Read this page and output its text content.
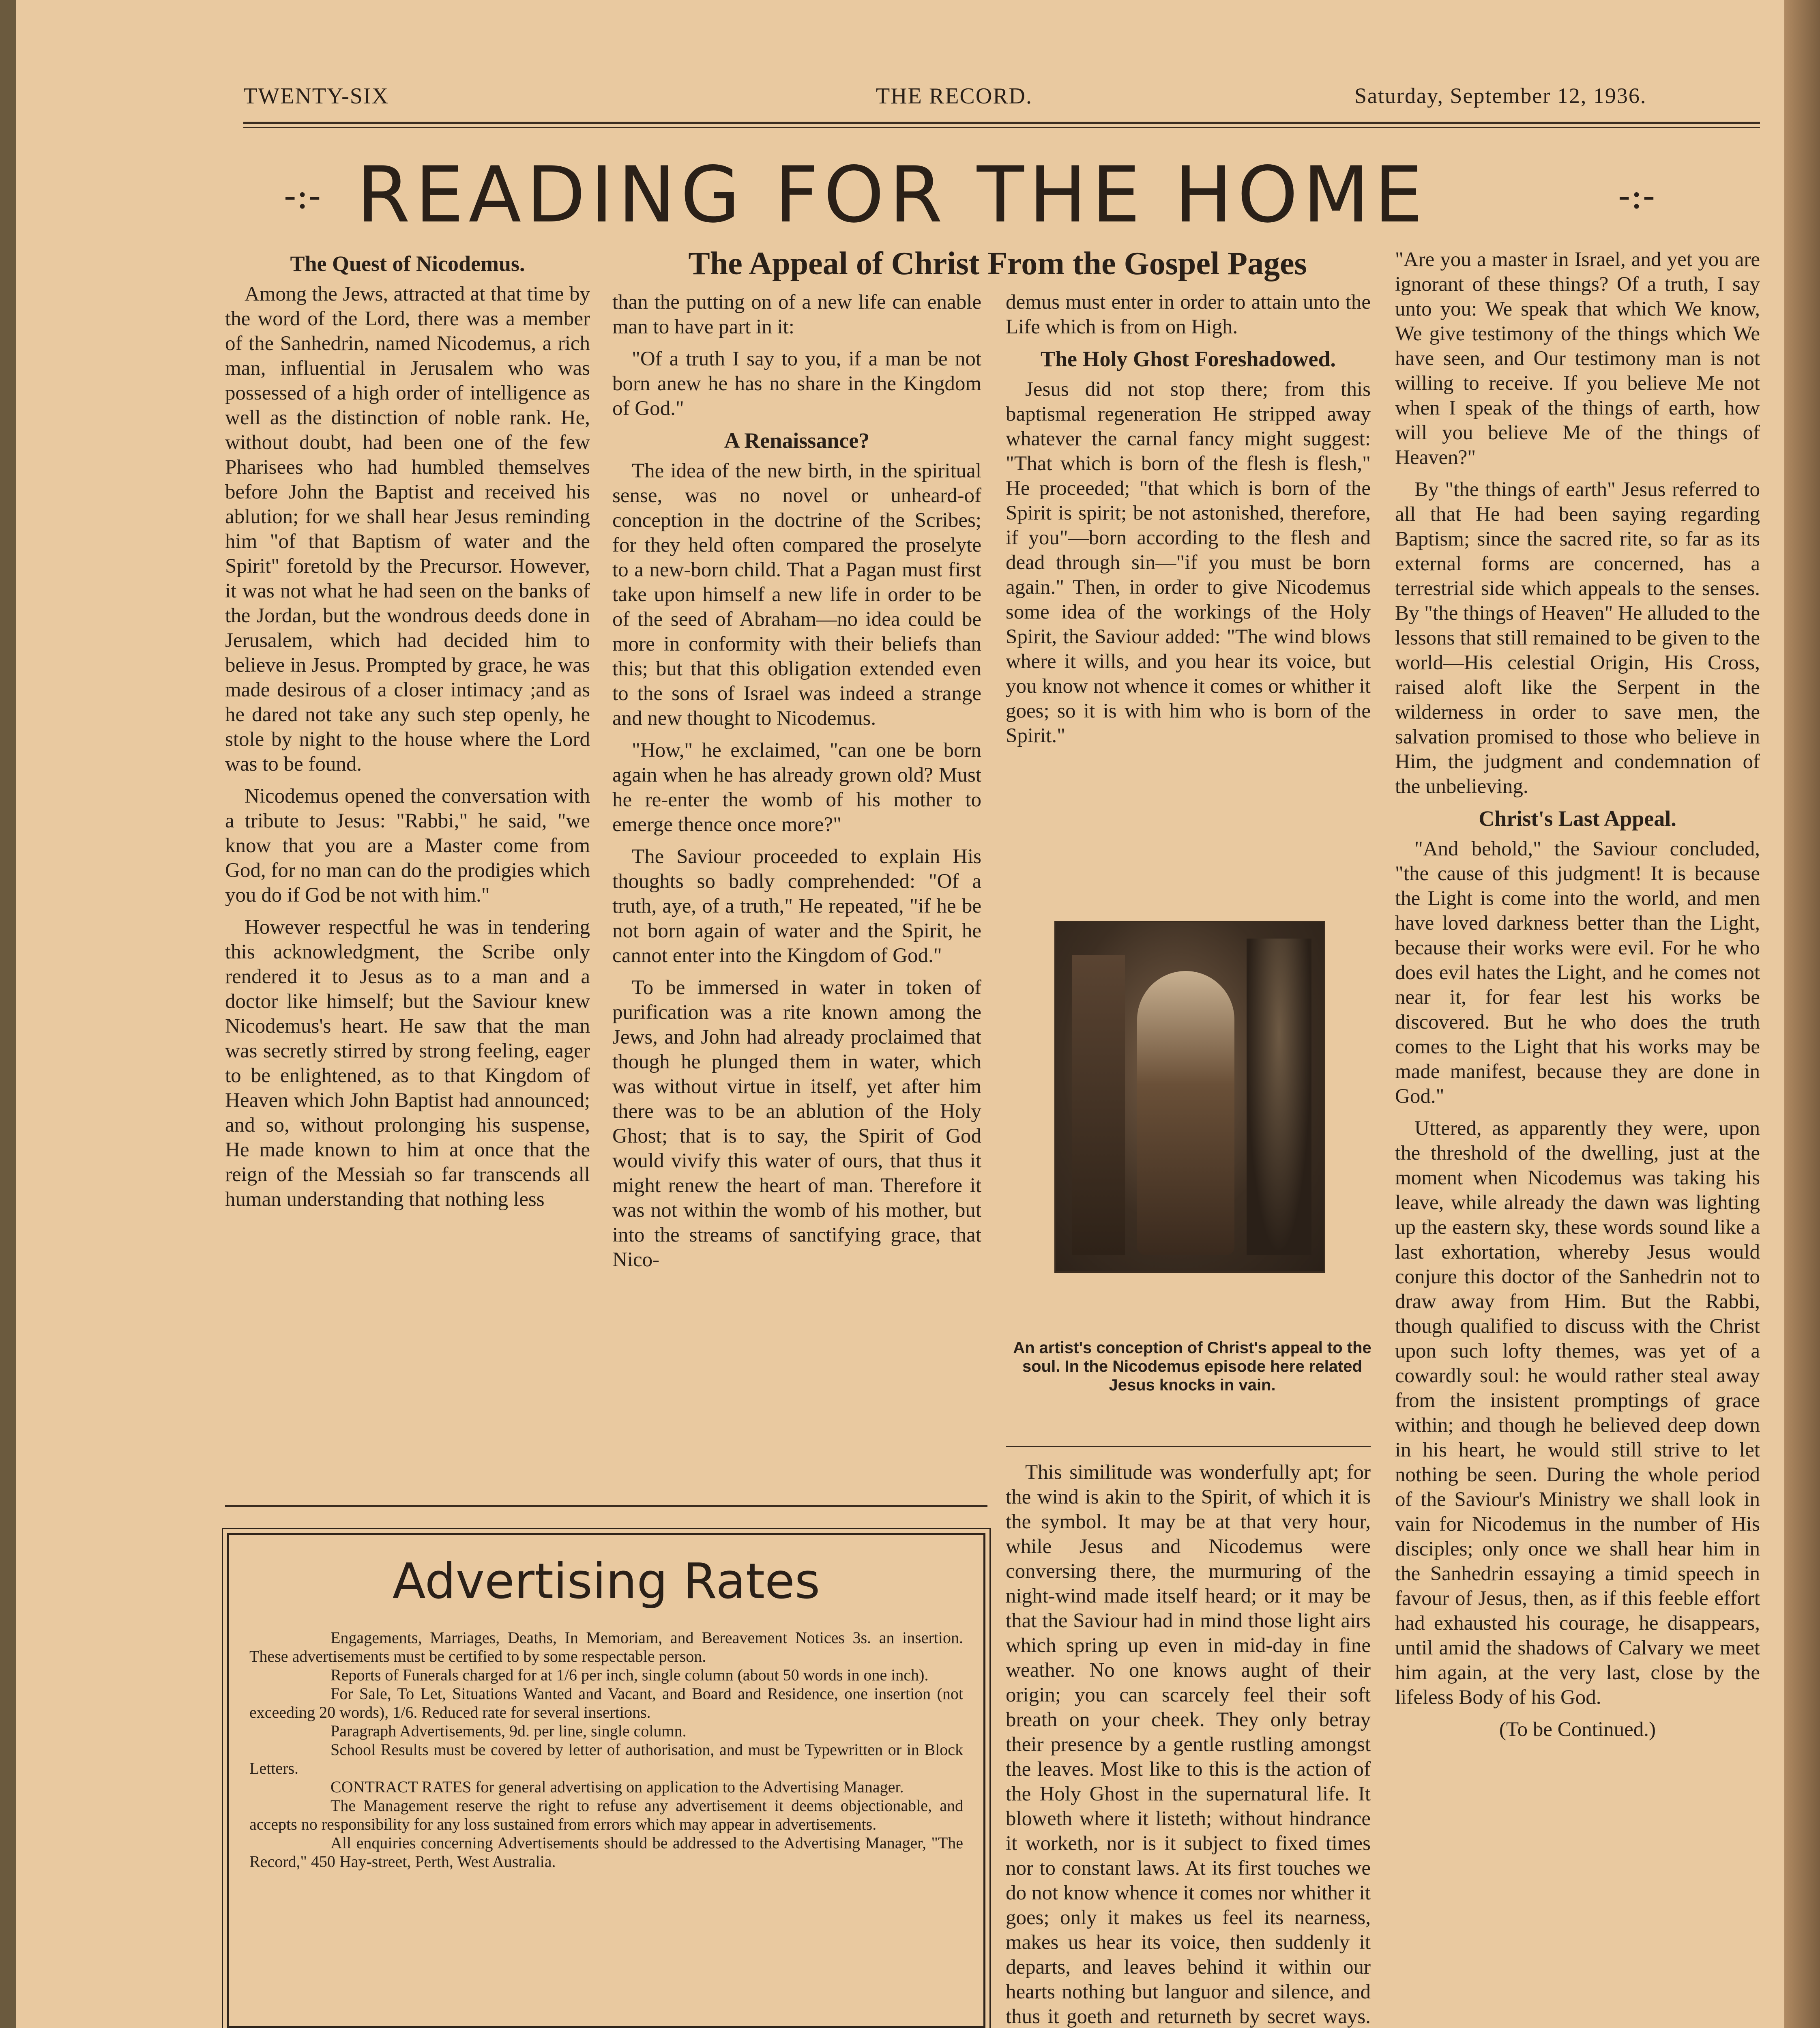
TWENTY-SIX	THE RECORD.	Saturday, September 12, 1936.
-:- READING FOR THE HOME	-:-
The Appeal of Christ From the Gospel Pages
The Quest of Nicodemus.

Among the Jews, attracted at that time by the word of the Lord, there was a member of the Sanhedrin, named Nicodemus, a rich man, influential in Jerusalem who was possessed of a high order of intelligence as well as the distinction of noble rank. He, without doubt, had been one of the few Pharisees who had humbled themselves before John the Baptist and received his ablution; for we shall hear Jesus reminding him "of that Baptism of water and the Spirit" foretold by the Precursor. However, it was not what he had seen on the banks of the Jordan, but the wondrous deeds done in Jerusalem, which had decided him to believe in Jesus. Prompted by grace, he was made desirous of a closer intimacy ;and as he dared not take any such step openly, he stole by night to the house where the Lord was to be found.

Nicodemus opened the conversation with a tribute to Jesus: "Rabbi," he said, "we know that you are a Master come from God, for no man can do the prodigies which you do if God be not with him."

However respectful he was in tendering this acknowledgment, the Scribe only rendered it to Jesus as to a man and a doctor like himself; but the Saviour knew Nicodemus's heart. He saw that the man was secretly stirred by strong feeling, eager to be enlightened, as to that Kingdom of Heaven which John Baptist had announced; and so, without prolonging his suspense, He made known to him at once that the reign of the Messiah so far transcends all human understanding that nothing less

than the putting on of a new life can enable man to have part in it:

"Of a truth I say to you, if a man be not born anew he has no share in the Kingdom of God."

A Renaissance?

The idea of the new birth, in the spiritual sense, was no novel or unheard-of conception in the doctrine of the Scribes; for they held often compared the proselyte to a new-born child. That a Pagan must first take upon himself a new life in order to be of the seed of Abraham—no idea could be more in conformity with their beliefs than this; but that this obligation extended even to the sons of Israel was indeed a strange and new thought to Nicodemus.

"How," he exclaimed, "can one be born again when he has already grown old? Must he re-enter the womb of his mother to emerge thence once more?"

The Saviour proceeded to explain His thoughts so badly comprehended: "Of a truth, aye, of a truth," He repeated, "if he be not born again of water and the Spirit, he cannot enter into the Kingdom of God."

To be immersed in water in token of purification was a rite known among the Jews, and John had already proclaimed that though he plunged them in water, which was without virtue in itself, yet after him there was to be an ablution of the Holy Ghost; that is to say, the Spirit of God would vivify this water of ours, that thus it might renew the heart of man. Therefore it was not within the womb of his mother, but into the streams of sanctifying grace, that Nico-

demus must enter in order to attain unto the Life which is from on High.

The Holy Ghost Foreshadowed.

Jesus did not stop there; from this baptismal regeneration He stripped away whatever the carnal fancy might suggest: "That which is born of the flesh is flesh," He proceeded; "that which is born of the Spirit is spirit; be not astonished, therefore, if you"—born according to the flesh and dead through sin—"if you must be born again." Then, in order to give Nicodemus some idea of the workings of the Holy Spirit, the Saviour added: "The wind blows where it wills, and you hear its voice, but you know not whence it comes or whither it goes; so it is with him who is born of the Spirit."

An artist's conception of Christ's appeal to the soul. In the Nicodemus episode here related Jesus knocks in vain.

This similitude was wonderfully apt; for the wind is akin to the Spirit, of which it is the symbol. It may be at that very hour, while Jesus and Nicodemus were conversing there, the murmuring of the night-wind made itself heard; or it may be that the Saviour had in mind those light airs which spring up even in mid-day in fine weather. No one knows aught of their origin; you can scarcely feel their soft breath on your cheek. They only betray their presence by a gentle rustling amongst the leaves. Most like to this is the action of the Holy Ghost in the supernatural life. It bloweth where it listeth; without hindrance it worketh, nor is it subject to fixed times nor to constant laws. At its first touches we do not know whence it comes nor whither it goes; only it makes us feel its nearness, makes us hear its voice, then suddenly it departs, and leaves behind it within our hearts nothing but languor and silence, and thus it goeth and returneth by secret ways.

"Are you a master in Israel, and yet you are ignorant of these things? Of a truth, I say unto you: We speak that which We know, We give testimony of the things which We have seen, and Our testimony man is not willing to receive. If you believe Me not when I speak of the things of earth, how will you believe Me of the things of Heaven?"

By "the things of earth" Jesus referred to all that He had been saying regarding Baptism; since the sacred rite, so far as its external forms are concerned, has a terrestrial side which appeals to the senses. By "the things of Heaven" He alluded to the lessons that still remained to be given to the world—His celestial Origin, His Cross, raised aloft like the Serpent in the wilderness in order to save men, the salvation promised to those who believe in Him, the judgment and condemnation of the unbelieving.

Christ's Last Appeal.

"And behold," the Saviour concluded, "the cause of this judgment! It is because the Light is come into the world, and men have loved darkness better than the Light, because their works were evil. For he who does evil hates the Light, and he comes not near it, for fear lest his works be discovered. But he who does the truth comes to the Light that his works may be made manifest, because they are done in God."

Uttered, as apparently they were, upon the threshold of the dwelling, just at the moment when Nicodemus was taking his leave, while already the dawn was lighting up the eastern sky, these words sound like a last exhortation, whereby Jesus would conjure this doctor of the Sanhedrin not to draw away from Him. But the Rabbi, though qualified to discuss with the Christ upon such lofty themes, was yet of a cowardly soul: he would rather steal away from the insistent promptings of grace within; and though he believed deep down in his heart, he would still strive to let nothing be seen. During the whole period of the Saviour's Ministry we shall look in vain for Nicodemus in the number of His disciples; only once we shall hear him in the Sanhedrin essaying a timid speech in favour of Jesus, then, as if this feeble effort had exhausted his courage, he disappears, until amid the shadows of Calvary we meet him again, at the very last, close by the lifeless Body of his God.

(To be Continued.)
Advertising Rates
Engagements, Marriages, Deaths, In Memoriam, and Bereavement Notices 3s. an insertion. These advertisements must be certified to by some respectable person.
Reports of Funerals charged for at 1/6 per inch, single column (about 50 words in one inch).
For Sale, To Let, Situations Wanted and Vacant, and Board and Residence, one insertion (not exceeding 20 words), 1/6. Reduced rate for several insertions.
Paragraph Advertisements, 9d. per line, single column.
School Results must be covered by letter of authorisation, and must be Typewritten or in Block Letters.
CONTRACT RATES for general advertising on application to the Advertising Manager.
The Management reserve the right to refuse any advertisement it deems objectionable, and accepts no responsibility for any loss sustained from errors which may appear in advertisements.
All enquiries concerning Advertisements should be addressed to the Advertising Manager, "The Record," 450 Hay-street, Perth, West Australia.
